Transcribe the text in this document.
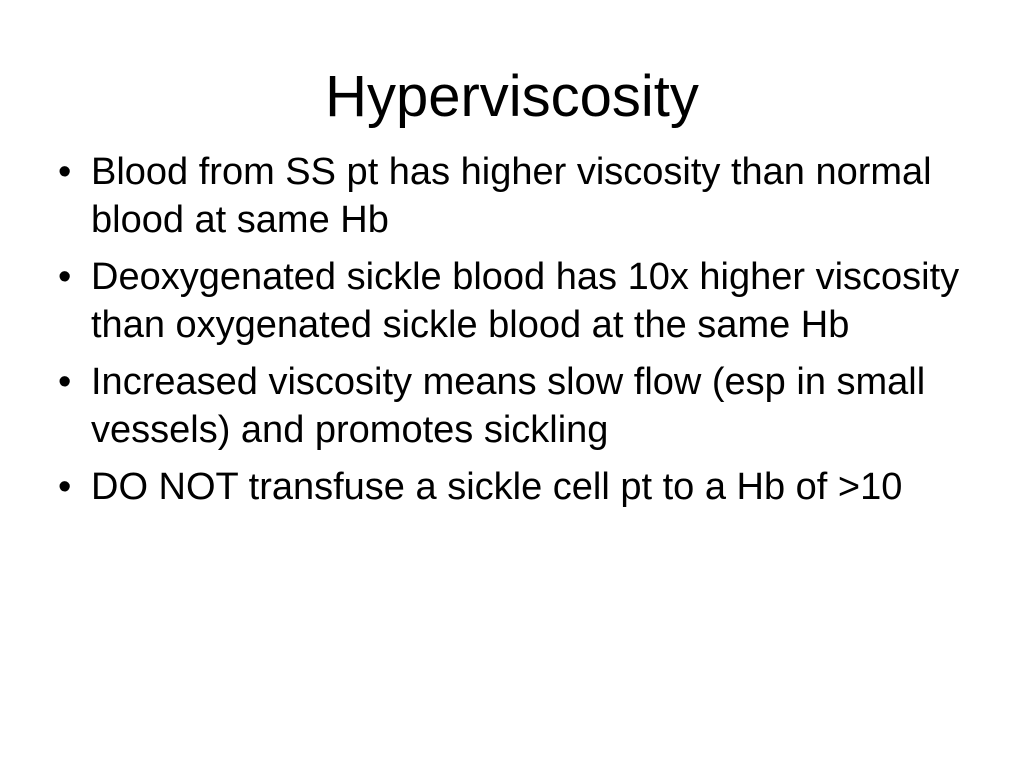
Hyperviscosity
• Blood from SS pt has higher viscosity than normal blood at same Hb
• Deoxygenated sickle blood has 10x higher viscosity than oxygenated sickle blood at the same Hb
• Increased viscosity means slow flow (esp in small vessels) and promotes sickling
• DO NOT transfuse a sickle cell pt to a Hb of >10
